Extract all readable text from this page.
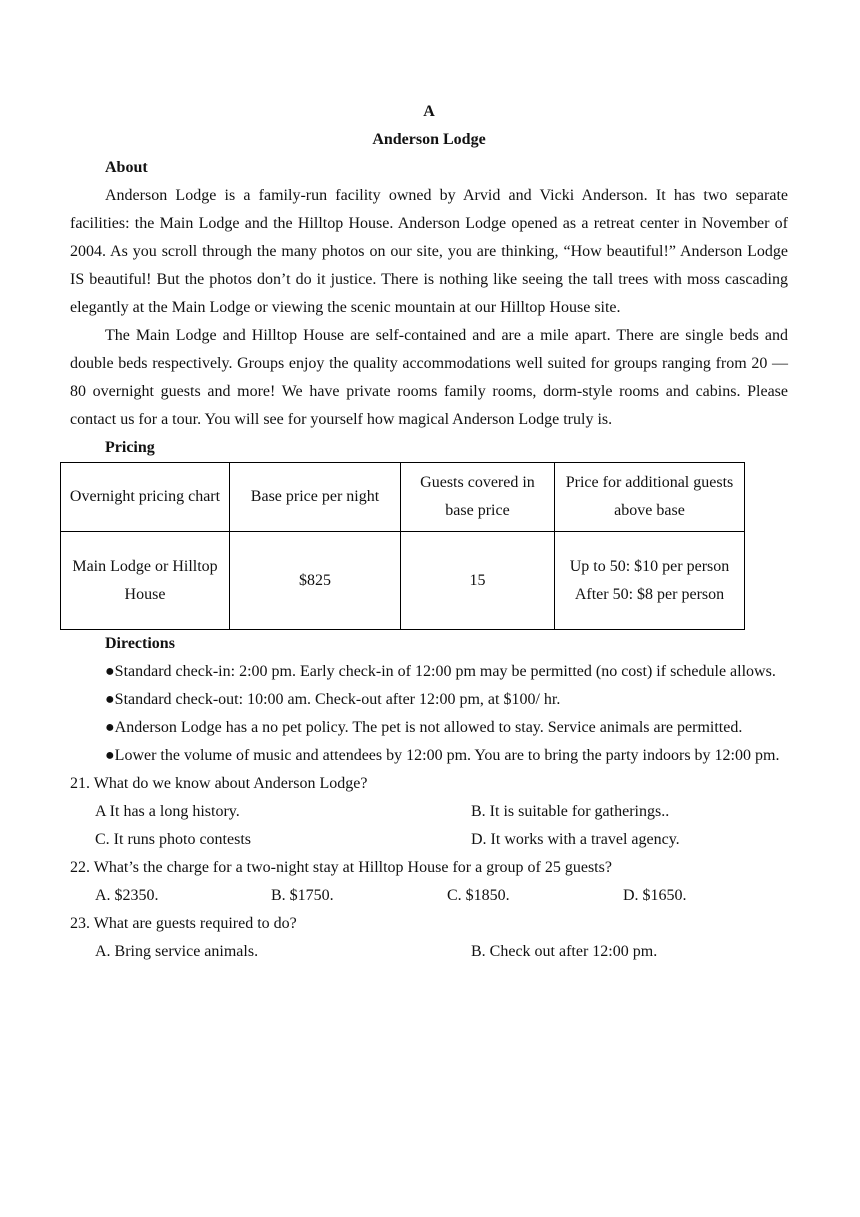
A
Anderson Lodge
About

Anderson Lodge is a family-run facility owned by Arvid and Vicki Anderson. It has two separate facilities: the Main Lodge and the Hilltop House. Anderson Lodge opened as a retreat center in November of 2004. As you scroll through the many photos on our site, you are thinking, “How beautiful!” Anderson Lodge IS beautiful! But the photos don’t do it justice. There is nothing like seeing the tall trees with moss cascading elegantly at the Main Lodge or viewing the scenic mountain at our Hilltop House site.

The Main Lodge and Hilltop House are self-contained and are a mile apart. There are single beds and double beds respectively. Groups enjoy the quality accommodations well suited for groups ranging from 20 — 80 overnight guests and more! We have private rooms family rooms, dorm-style rooms and cabins. Please contact us for a tour. You will see for yourself how magical Anderson Lodge truly is.

Pricing
Overnight pricing chart	Base price per night	Guests covered in base price	Price for additional guests above base
Main Lodge or Hilltop House	$825	15	Up to 50: $10 per person After 50: $8 per person
Directions

●Standard check-in: 2:00 pm. Early check-in of 12:00 pm may be permitted (no cost) if schedule allows.

●Standard check-out: 10:00 am. Check-out after 12:00 pm, at $100/ hr.

●Anderson Lodge has a no pet policy. The pet is not allowed to stay. Service animals are permitted.

●Lower the volume of music and attendees by 12:00 pm. You are to bring the party indoors by 12:00 pm.

21. What do we know about Anderson Lodge?
A It has a long history.	B. It is suitable for gatherings..
C. It runs photo contests	D. It works with a travel agency.
22. What’s the charge for a two-night stay at Hilltop House for a group of 25 guests?
A. $2350.	B. $1750.	C. $1850.	D. $1650.
23. What are guests required to do?
A. Bring service animals.	B. Check out after 12:00 pm.
